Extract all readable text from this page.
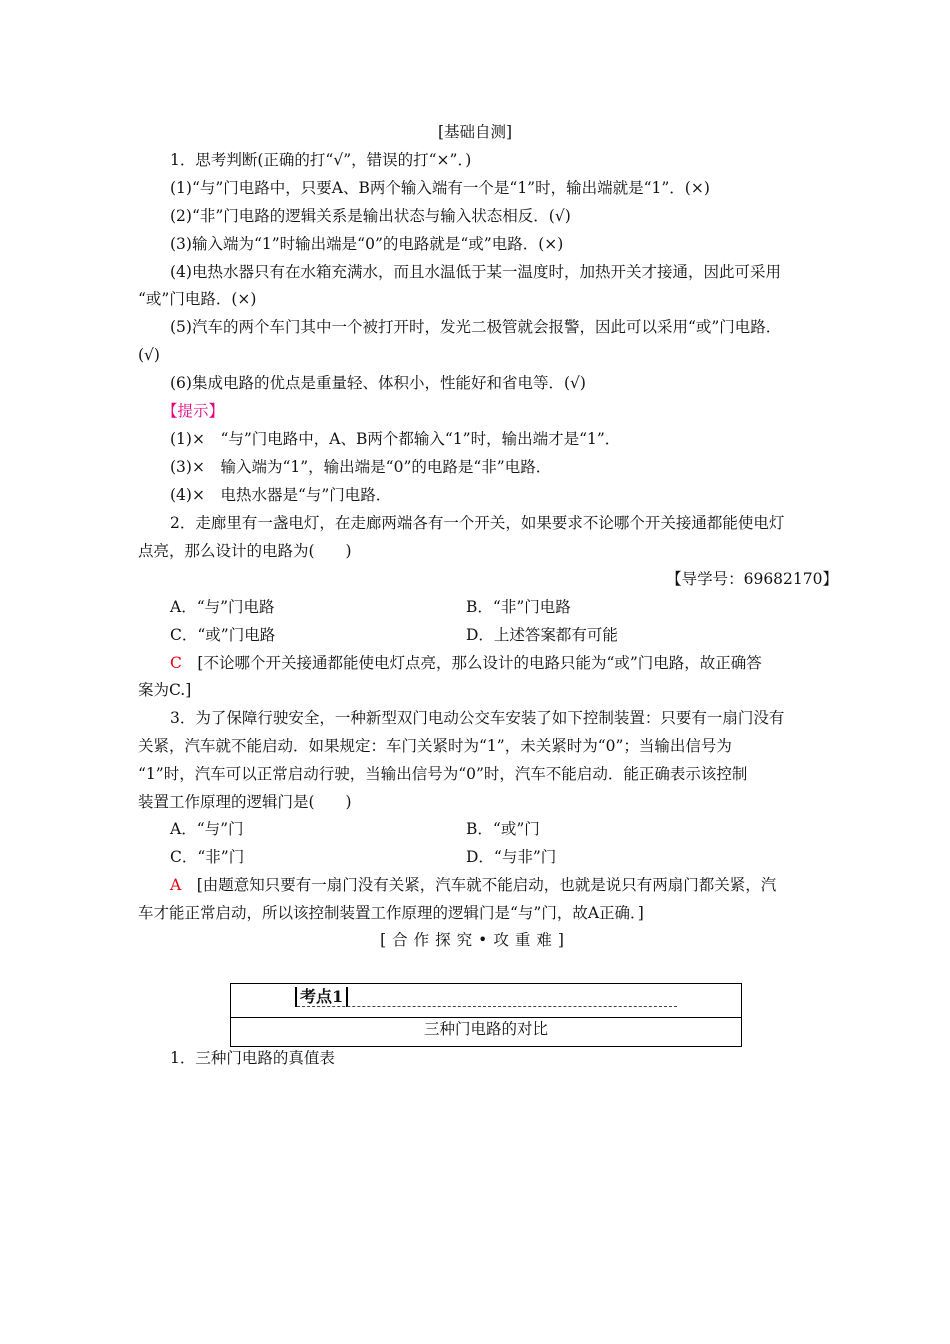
[基础自测]
1．思考判断(正确的打“√”，错误的打“×”．)
(1)“与”门电路中，只要A、B两个输入端有一个是“1”时，输出端就是“1”．(×)
(2)“非”门电路的逻辑关系是输出状态与输入状态相反．(√)
(3)输入端为“1”时输出端是“0”的电路就是“或”电路．(×)
(4)电热水器只有在水箱充满水，而且水温低于某一温度时，加热开关才接通，因此可采用
“或”门电路．(×)
(5)汽车的两个车门其中一个被打开时，发光二极管就会报警，因此可以采用“或”门电路．
(√)
(6)集成电路的优点是重量轻、体积小，性能好和省电等．(√)
【提示】
(1)×　“与”门电路中，A、B两个都输入“1”时，输出端才是“1”．
(3)×　输入端为“1”，输出端是“0”的电路是“非”电路．
(4)×　电热水器是“与”门电路．
2．走廊里有一盏电灯，在走廊两端各有一个开关，如果要求不论哪个开关接通都能使电灯
点亮，那么设计的电路为(　　)
【导学号：69682170】
A．“与”门电路	B．“非”门电路
C．“或”门电路	D．上述答案都有可能
C　 [不论哪个开关接通都能使电灯点亮，那么设计的电路只能为“或”门电路，故正确答
案为C.]
3．为了保障行驶安全，一种新型双门电动公交车安装了如下控制装置：只要有一扇门没有
关紧，汽车就不能启动．如果规定：车门关紧时为“1”，未关紧时为“0”；当输出信号为
“1”时，汽车可以正常启动行驶，当输出信号为“0”时，汽车不能启动．能正确表示该控制
装置工作原理的逻辑门是(　　)
A．“与”门	B．“或”门
C．“非”门	D．“与非”门
A　 [由题意知只要有一扇门没有关紧，汽车就不能启动，也就是说只有两扇门都关紧，汽
车才能正常启动，所以该控制装置工作原理的逻辑门是“与”门，故A正确．]
[合作探究•攻重难]
考点1
三种门电路的对比
1．三种门电路的真值表
